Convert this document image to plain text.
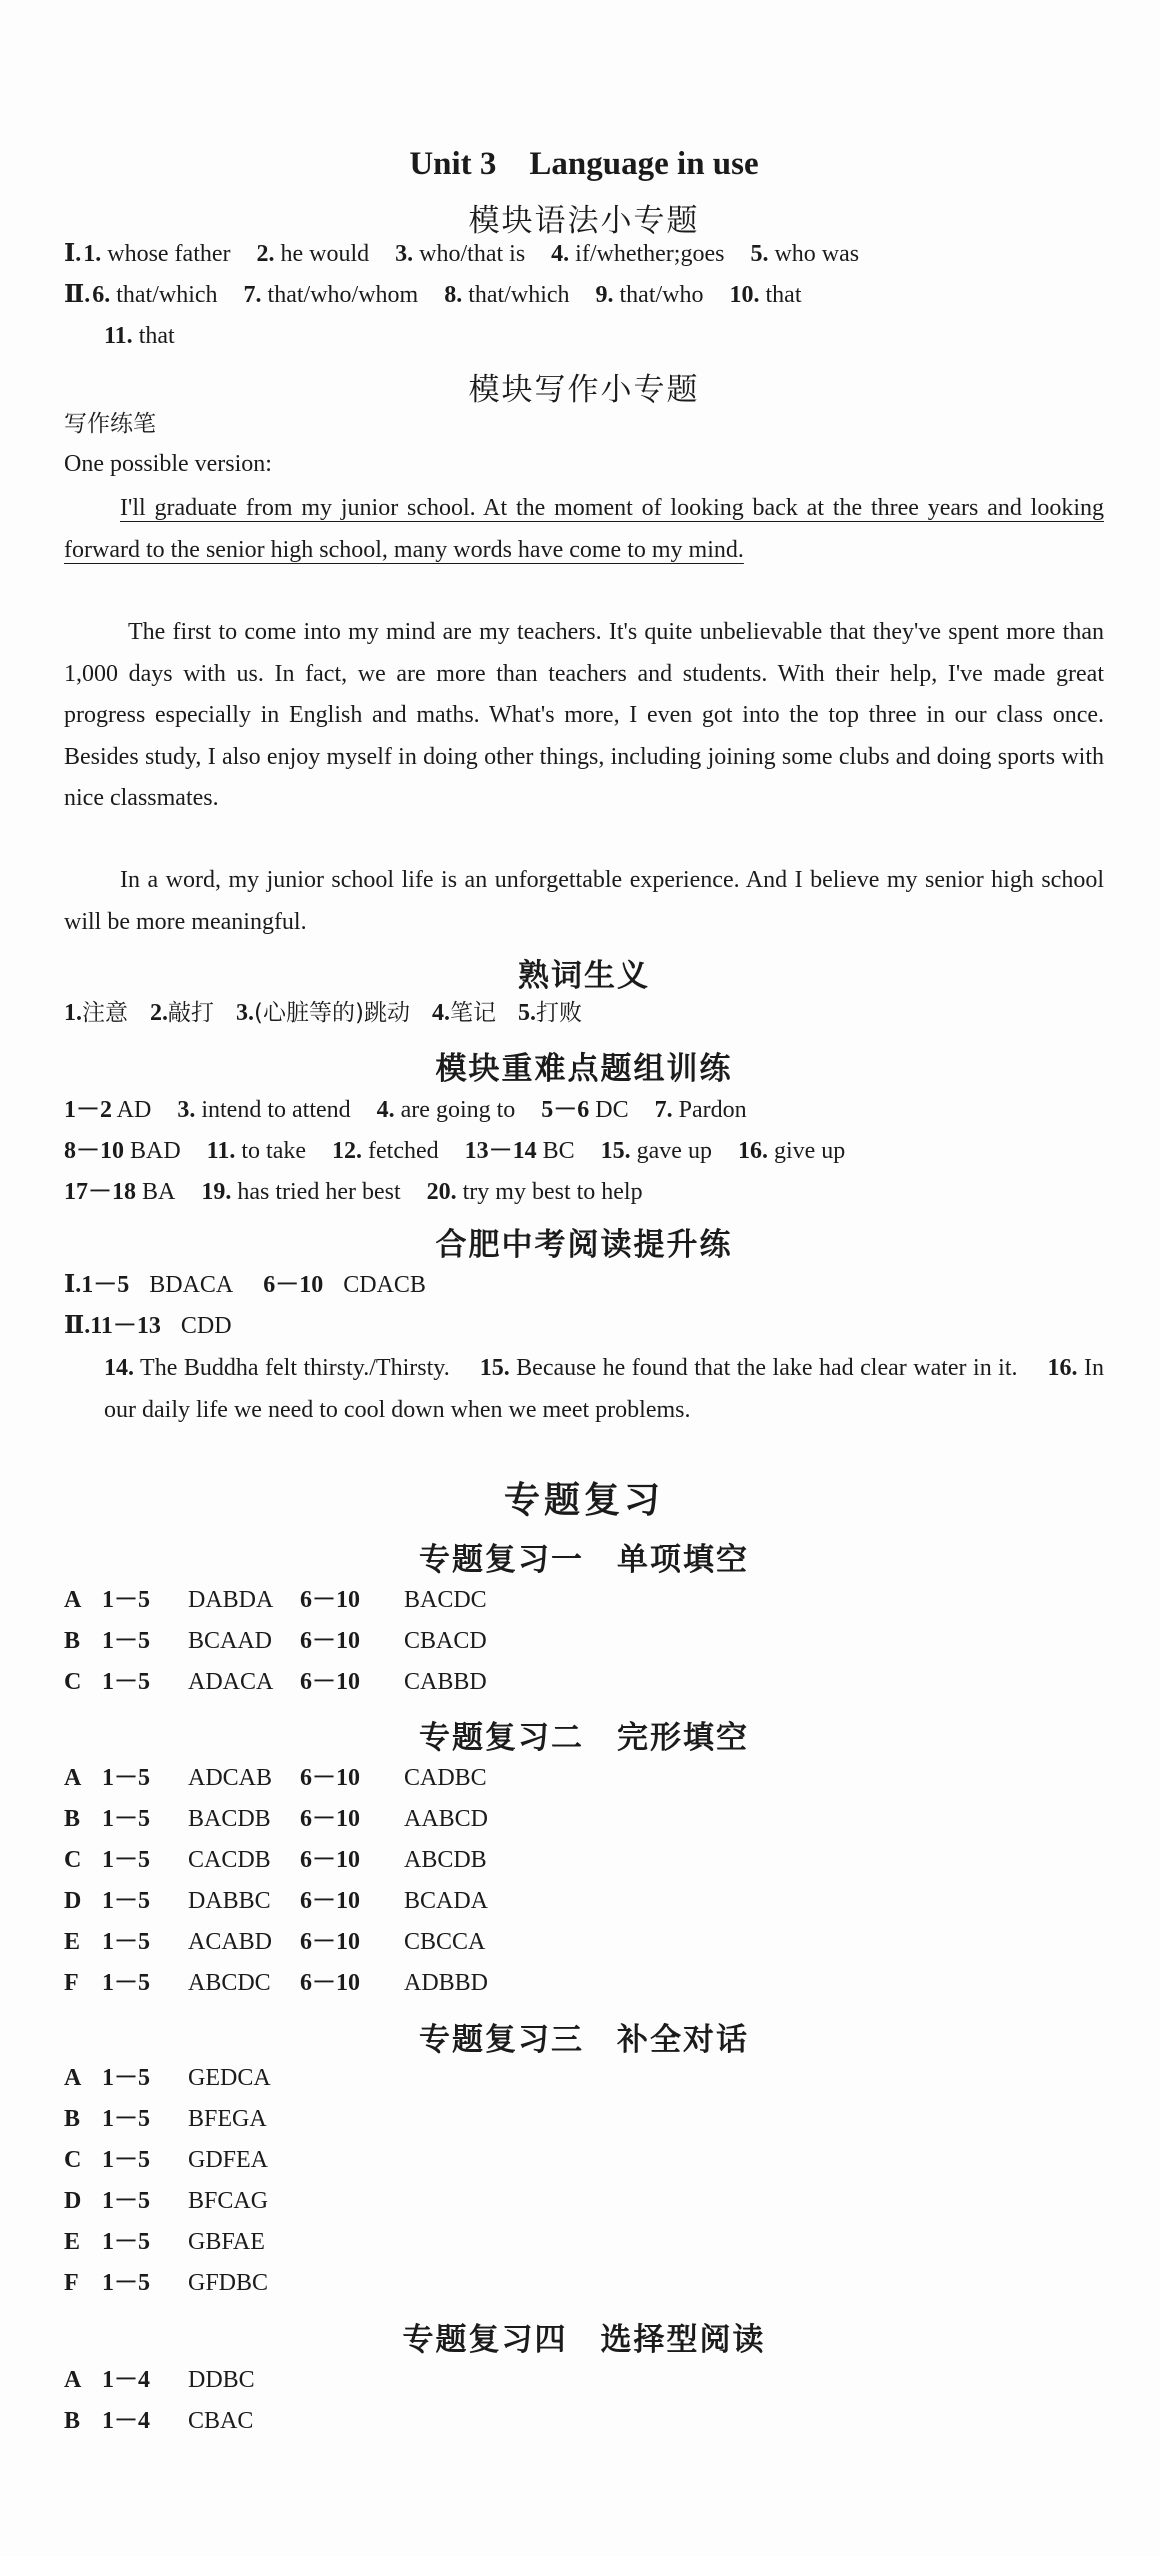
Unit 3 Language in use
模块语法小专题
Ⅰ.1. whose father 2. he would 3. who/that is 4. if/whether;goes 5. who was
Ⅱ.6. that/which 7. that/who/whom 8. that/which 9. that/who 10. that
11. that
模块写作小专题
写作练笔
One possible version:
I'll graduate from my junior school. At the moment of looking back at the three years and looking forward to the senior high school, many words have come to my mind.
The first to come into my mind are my teachers. It's quite unbelievable that they've spent more than 1,000 days with us. In fact, we are more than teachers and students. With their help, I've made great progress especially in English and maths. What's more, I even got into the top three in our class once. Besides study, I also enjoy myself in doing other things, including joining some clubs and doing sports with nice classmates.
In a word, my junior school life is an unforgettable experience. And I believe my senior high school will be more meaningful.
熟词生义
1.注意 2.敲打 3.(心脏等的)跳动 4.笔记 5.打败
模块重难点题组训练
1－2 AD 3. intend to attend 4. are going to 5－6 DC 7. Pardon
8－10 BAD 11. to take 12. fetched 13－14 BC 15. gave up 16. give up
17－18 BA 19. has tried her best 20. try my best to help
合肥中考阅读提升练
Ⅰ.1－5 BDACA 6－10 CDACB
Ⅱ.11－13 CDD
14. The Buddha felt thirsty./Thirsty. 15. Because he found that the lake had clear water in it. 16. In our daily life we need to cool down when we meet problems.
专题复习
专题复习一　单项填空
A 1－5 DABDA 6－10 BACDC
B 1－5 BCAAD 6－10 CBACD
C 1－5 ADACA 6－10 CABBD
专题复习二　完形填空
A 1－5 ADCAB 6－10 CADBC
B 1－5 BACDB 6－10 AABCD
C 1－5 CACDB 6－10 ABCDB
D 1－5 DABBC 6－10 BCADA
E 1－5 ACABD 6－10 CBCCA
F 1－5 ABCDC 6－10 ADBBD
专题复习三　补全对话
A 1－5 GEDCA
B 1－5 BFEGA
C 1－5 GDFEA
D 1－5 BFCAG
E 1－5 GBFAE
F 1－5 GFDBC
专题复习四　选择型阅读
A 1－4 DDBC
B 1－4 CBAC
